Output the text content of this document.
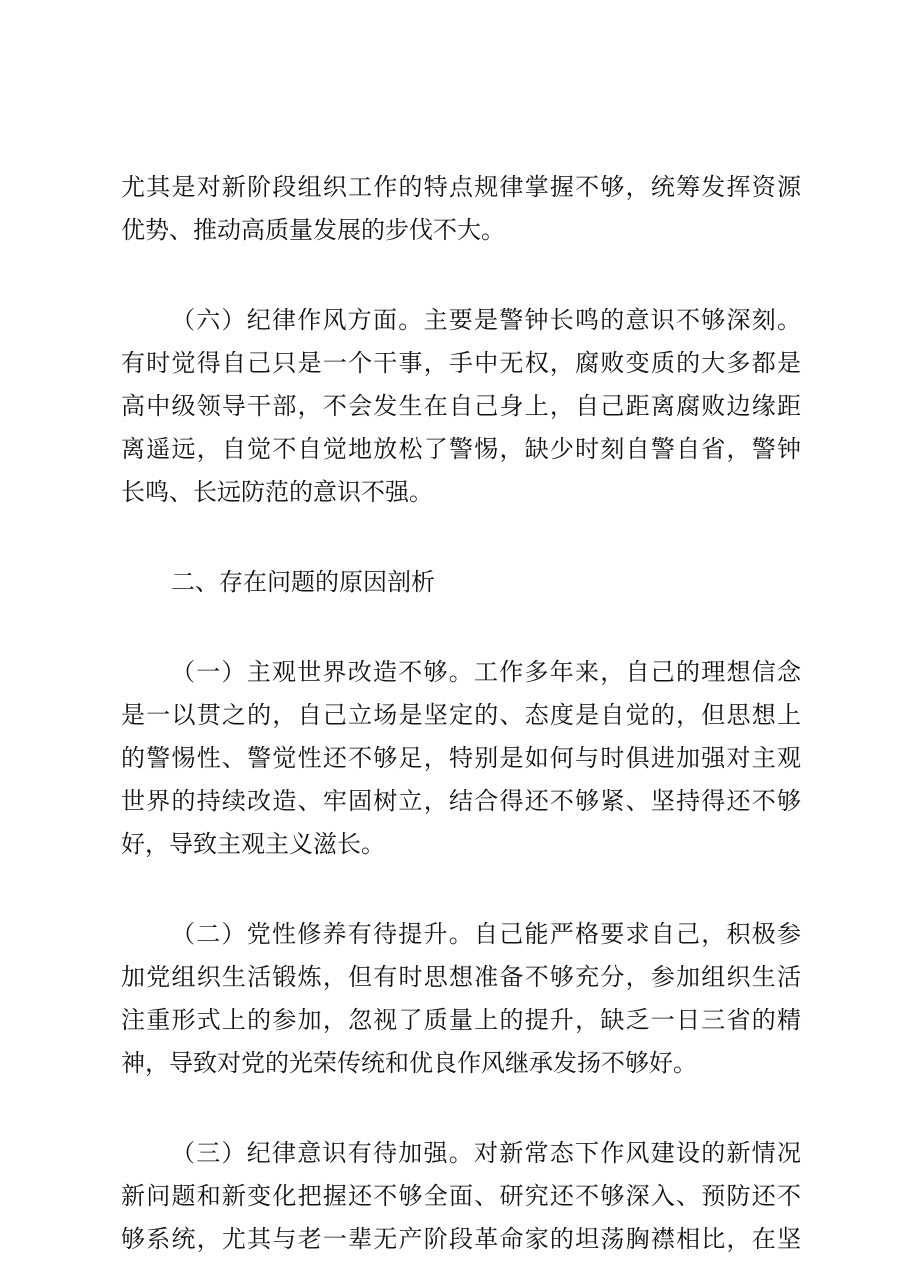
尤其是对新阶段组织工作的特点规律掌握不够，统筹发挥资源
优势、推动高质量发展的步伐不大。
（六）纪律作风方面。主要是警钟长鸣的意识不够深刻。
有时觉得自己只是一个干事，手中无权，腐败变质的大多都是
高中级领导干部，不会发生在自己身上，自己距离腐败边缘距
离遥远，自觉不自觉地放松了警惕，缺少时刻自警自省，警钟
长鸣、长远防范的意识不强。
二、存在问题的原因剖析
（一）主观世界改造不够。工作多年来，自己的理想信念
是一以贯之的，自己立场是坚定的、态度是自觉的，但思想上
的警惕性、警觉性还不够足，特别是如何与时俱进加强对主观
世界的持续改造、牢固树立，结合得还不够紧、坚持得还不够
好，导致主观主义滋长。
（二）党性修养有待提升。自己能严格要求自己，积极参
加党组织生活锻炼，但有时思想准备不够充分，参加组织生活
注重形式上的参加，忽视了质量上的提升，缺乏一日三省的精
神，导致对党的光荣传统和优良作风继承发扬不够好。
（三）纪律意识有待加强。对新常态下作风建设的新情况
新问题和新变化把握还不够全面、研究还不够深入、预防还不
够系统，尤其与老一辈无产阶段革命家的坦荡胸襟相比，在坚
